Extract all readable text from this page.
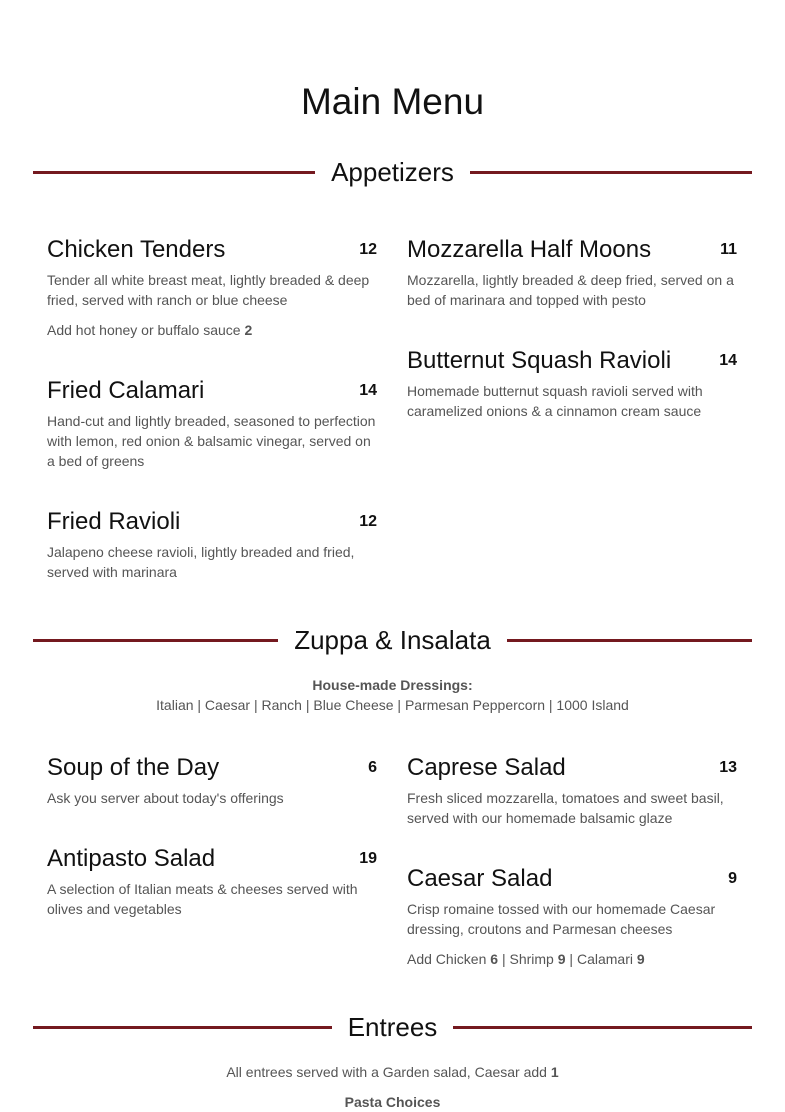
Main Menu
Appetizers
Chicken Tenders	12
Tender all white breast meat, lightly breaded & deep fried, served with ranch or blue cheese
Add hot honey or buffalo sauce 2
Fried Calamari	14
Hand-cut and lightly breaded, seasoned to perfection with lemon, red onion & balsamic vinegar, served on a bed of greens
Fried Ravioli	12
Jalapeno cheese ravioli, lightly breaded and fried, served with marinara
Mozzarella Half Moons	11
Mozzarella, lightly breaded & deep fried, served on a bed of marinara and topped with pesto
Butternut Squash Ravioli	14
Homemade butternut squash ravioli served with caramelized onions & a cinnamon cream sauce
Zuppa & Insalata
House-made Dressings:
Italian | Caesar | Ranch | Blue Cheese | Parmesan Peppercorn | 1000 Island
Soup of the Day	6
Ask you server about today's offerings
Antipasto Salad	19
A selection of Italian meats & cheeses served with olives and vegetables
Caprese Salad	13
Fresh sliced mozzarella, tomatoes and sweet basil, served with our homemade balsamic glaze
Caesar Salad	9
Crisp romaine tossed with our homemade Caesar dressing, croutons and Parmesan cheeses
Add Chicken 6 | Shrimp 9 | Calamari 9
Entrees
All entrees served with a Garden salad, Caesar add 1
Pasta Choices
